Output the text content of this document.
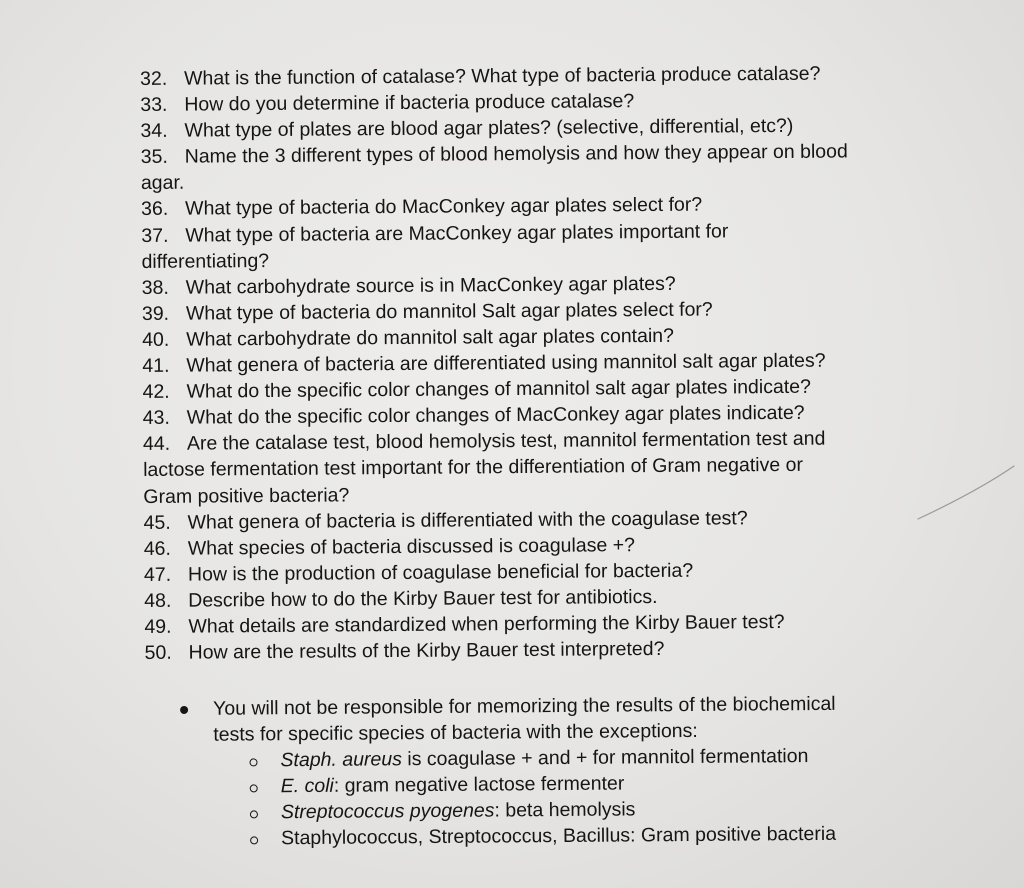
32. What is the function of catalase? What type of bacteria produce catalase?
33. How do you determine if bacteria produce catalase?
34. What type of plates are blood agar plates? (selective, differential, etc?)
35. Name the 3 different types of blood hemolysis and how they appear on blood
agar.
36. What type of bacteria do MacConkey agar plates select for?
37. What type of bacteria are MacConkey agar plates important for
differentiating?
38. What carbohydrate source is in MacConkey agar plates?
39. What type of bacteria do mannitol Salt agar plates select for?
40. What carbohydrate do mannitol salt agar plates contain?
41. What genera of bacteria are differentiated using mannitol salt agar plates?
42. What do the specific color changes of mannitol salt agar plates indicate?
43. What do the specific color changes of MacConkey agar plates indicate?
44. Are the catalase test, blood hemolysis test, mannitol fermentation test and
lactose fermentation test important for the differentiation of Gram negative or
Gram positive bacteria?
45. What genera of bacteria is differentiated with the coagulase test?
46. What species of bacteria discussed is coagulase +?
47. How is the production of coagulase beneficial for bacteria?
48. Describe how to do the Kirby Bauer test for antibiotics.
49. What details are standardized when performing the Kirby Bauer test?
50. How are the results of the Kirby Bauer test interpreted?
You will not be responsible for memorizing the results of the biochemical
tests for specific species of bacteria with the exceptions:
Staph. aureus is coagulase + and + for mannitol fermentation
E. coli: gram negative lactose fermenter
Streptococcus pyogenes: beta hemolysis
Staphylococcus, Streptococcus, Bacillus: Gram positive bacteria
